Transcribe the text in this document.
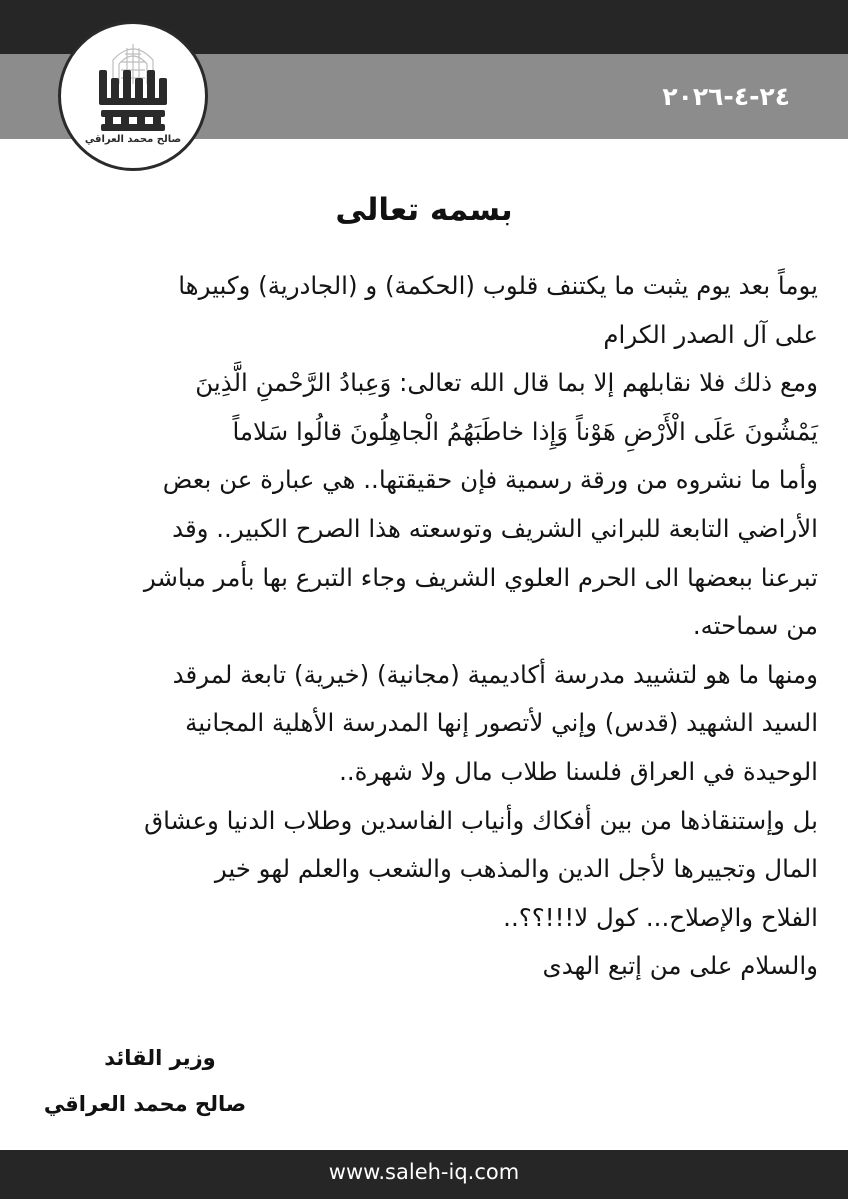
٢٤-٤-٢٠٢٦
صالح محمد العراقي
بسمه تعالى
يوماً بعد يوم يثبت ما يكتنف قلوب (الحكمة) و (الجادرية) وكبيرها
على آل الصدر الكرام
ومع ذلك فلا نقابلهم إلا بما قال الله تعالى: وَعِبادُ الرَّحْمنِ الَّذِينَ
يَمْشُونَ عَلَى الْأَرْضِ هَوْناً وَإِذا خاطَبَهُمُ الْجاهِلُونَ قالُوا سَلاماً
وأما ما نشروه من ورقة رسمية فإن حقيقتها.. هي عبارة عن بعض
الأراضي التابعة للبراني الشريف وتوسعته هذا الصرح الكبير.. وقد
تبرعنا ببعضها الى الحرم العلوي الشريف وجاء التبرع بها بأمر مباشر
من سماحته.
ومنها ما هو لتشييد مدرسة أكاديمية (مجانية) (خيرية) تابعة لمرقد
السيد الشهيد (قدس) وإني لأتصور إنها المدرسة الأهلية المجانية
الوحيدة في العراق فلسنا طلاب مال ولا شهرة..
بل وإستنقاذها من بين أفكاك وأنياب الفاسدين وطلاب الدنيا وعشاق
المال وتجييرها لأجل الدين والمذهب والشعب والعلم لهو خير
الفلاح والإصلاح... كول لا!!!؟؟..
والسلام على من إتبع الهدى
وزير القائد
صالح محمد العراقي
www.saleh-iq.com
